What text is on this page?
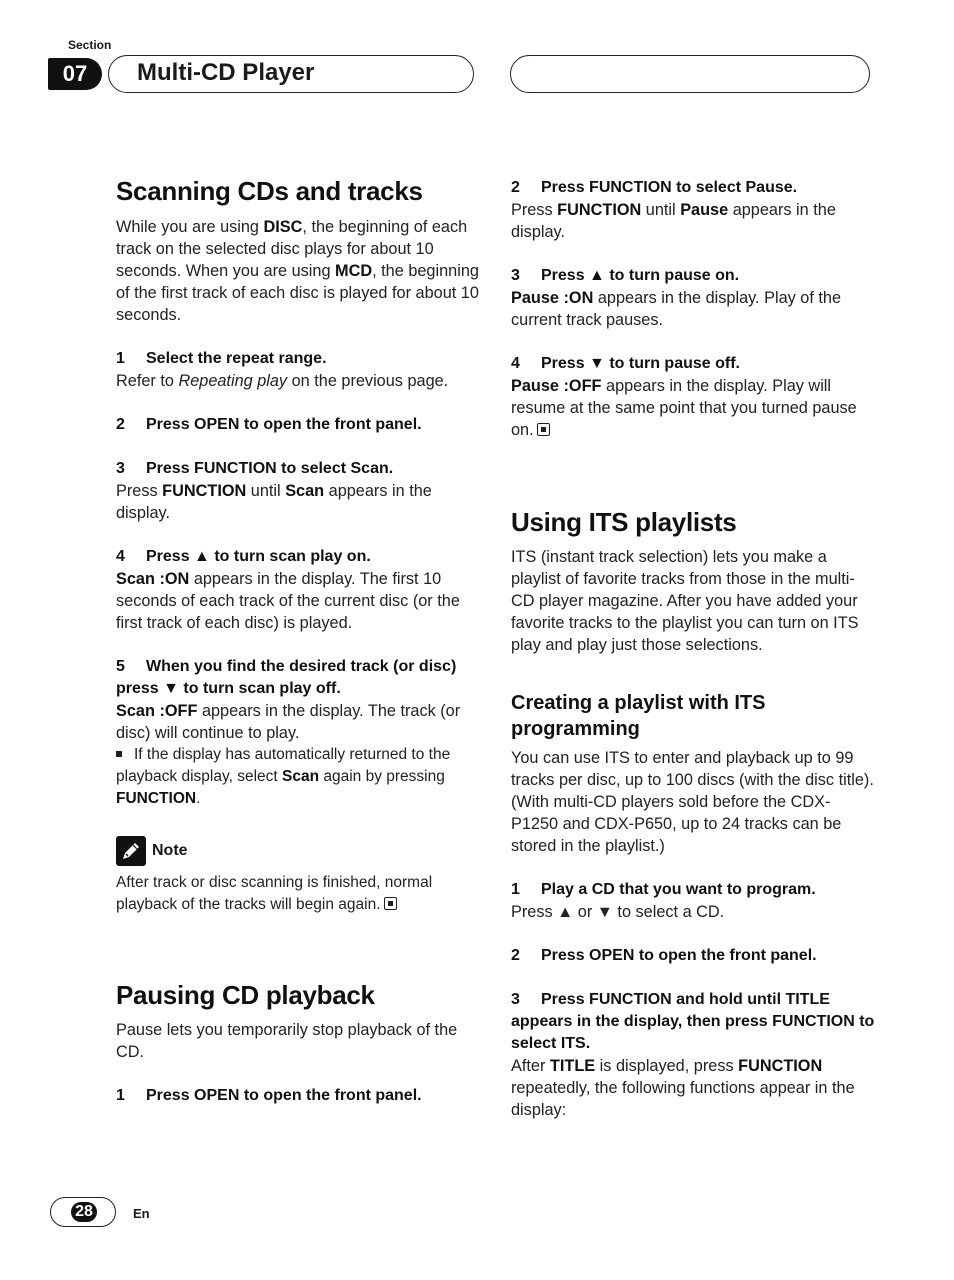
Section
07	Multi-CD Player
Scanning CDs and tracks

While you are using DISC, the beginning of each track on the selected disc plays for about 10 seconds. When you are using MCD, the beginning of the first track of each disc is played for about 10 seconds.

1 Select the repeat range.

Refer to Repeating play on the previous page.

2 Press OPEN to open the front panel.
3 Press FUNCTION to select Scan.

Press FUNCTION until Scan appears in the display.

4 Press ▲ to turn scan play on.

Scan :ON appears in the display. The first 10 seconds of each track of the current disc (or the first track of each disc) is played.

5 When you find the desired track (or disc) press ▼ to turn scan play off.

Scan :OFF appears in the display. The track (or disc) will continue to play.

If the display has automatically returned to the playback display, select Scan again by pressing FUNCTION.

Note

After track or disc scanning is finished, normal playback of the tracks will begin again.

Pausing CD playback

Pause lets you temporarily stop playback of the CD.

1 Press OPEN to open the front panel.
2 Press FUNCTION to select Pause.

Press FUNCTION until Pause appears in the display.

3 Press ▲ to turn pause on.

Pause :ON appears in the display. Play of the current track pauses.

4 Press ▼ to turn pause off.

Pause :OFF appears in the display. Play will resume at the same point that you turned pause on.

Using ITS playlists

ITS (instant track selection) lets you make a playlist of favorite tracks from those in the multi-CD player magazine. After you have added your favorite tracks to the playlist you can turn on ITS play and play just those selections.

Creating a playlist with ITS programming

You can use ITS to enter and playback up to 99 tracks per disc, up to 100 discs (with the disc title). (With multi-CD players sold before the CDX-P1250 and CDX-P650, up to 24 tracks can be stored in the playlist.)

1 Play a CD that you want to program.

Press ▲ or ▼ to select a CD.

2 Press OPEN to open the front panel.
3 Press FUNCTION and hold until TITLE appears in the display, then press FUNCTION to select ITS.

After TITLE is displayed, press FUNCTION repeatedly, the following functions appear in the display:

28	En
